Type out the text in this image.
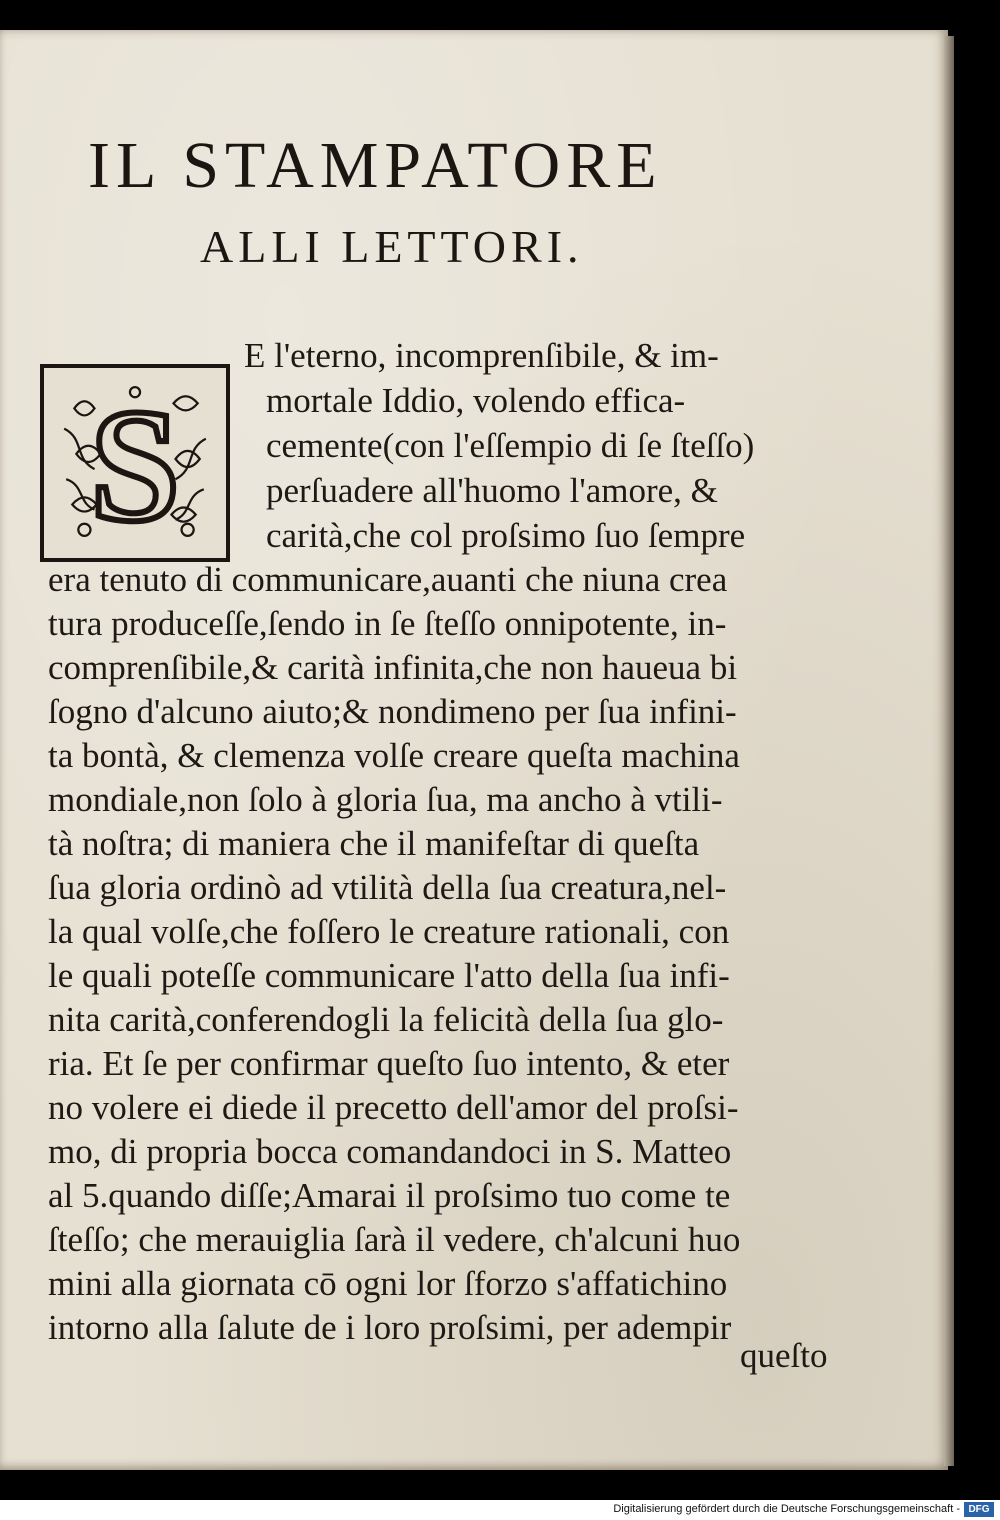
IL STAMPATORE
ALLI LETTORI.
S
E l'eterno, incomprenſibile, & im-
mortale Iddio, volendo effica-
cemente(con l'eſſempio di ſe ſteſſo)
perſuadere all'huomo l'amore, &
carità,che col proſsimo ſuo ſempre
era tenuto di communicare,auanti che niuna crea
tura produceſſe,ſendo in ſe ſteſſo onnipotente, in-
comprenſibile,& carità infinita,che non haueua bi
ſogno d'alcuno aiuto;& nondimeno per ſua infini-
ta bontà, & clemenza volſe creare queſta machina
mondiale,non ſolo à gloria ſua, ma ancho à vtili-
tà noſtra; di maniera che il manifeſtar di queſta
ſua gloria ordinò ad vtilità della ſua creatura,nel-
la qual volſe,che foſſero le creature rationali, con
le quali poteſſe communicare l'atto della ſua infi-
nita carità,conferendogli la felicità della ſua glo-
ria. Et ſe per confirmar queſto ſuo intento, & eter
no volere ei diede il precetto dell'amor del proſsi-
mo, di propria bocca comandandoci in S. Matteo
al 5.quando diſſe;Amarai il proſsimo tuo come te
ſteſſo; che merauiglia ſarà il vedere, ch'alcuni huo
mini alla giornata cō ogni lor ſforzo s'affatichino
intorno alla ſalute de i loro proſsimi, per adempir
queſto
Digitalisierung gefördert durch die Deutsche Forschungsgemeinschaft - DFG
